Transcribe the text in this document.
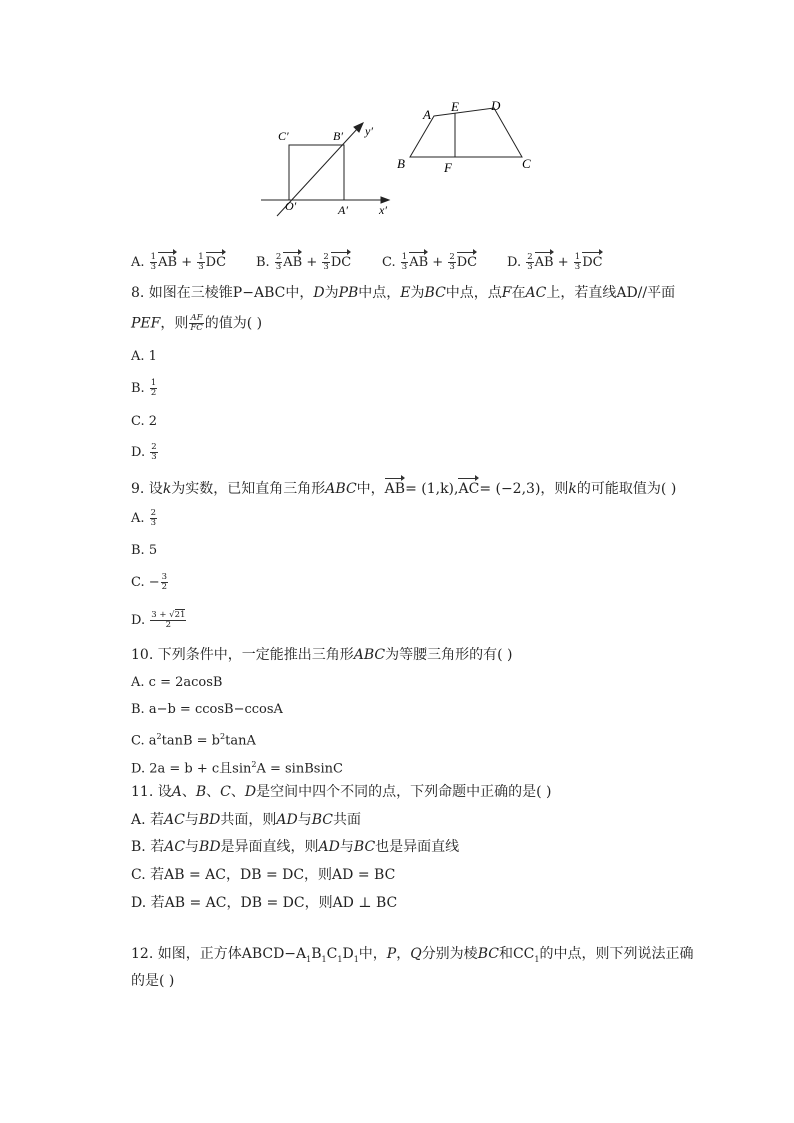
C′	B′ y′
O′	A′	x′
A
E D
B	F	C
A. $\frac{1}{3}$ AB + $\frac{1}{3}$ DC B. $\frac{2}{3}$ AB + $\frac{2}{3}$ DC C. $\frac{1}{3}$ AB + $\frac{2}{3}$ DC D. $\frac{2}{3}$ AB + $\frac{1}{3}$ DC
8. 如图在三棱锥P−ABC中，D为PB中点，E为BC中点，点F在AC上，若直线AD//平面
PEF，则 $\frac{AF}{FC}$ 的值为( )
A. 1
B. $\frac{1}{2}$
C. 2
D. $\frac{2}{3}$
9. 设k为实数，已知直角三角形ABC中，AB= (1,k),AC= (−2,3)，则k的可能取值为( )
A. $\frac{2}{3}$
B. 5
C. − $\frac{3}{2}$
D. $\frac{3 + √21}{2}$
10. 下列条件中，一定能推出三角形ABC为等腰三角形的有( )
A. c = 2acosB
B. a−b = ccosB−ccosA
C. $a^2\tan B = b^2\tan A$
D. 2a = b + c且$\sin^2A$ = sinBsinC
11. 设A、B、C、D是空间中四个不同的点，下列命题中正确的是( )
A. 若AC与BD共面，则AD与BC共面
B. 若AC与BD是异面直线，则AD与BC也是异面直线
C. 若AB = AC，DB = DC，则AD = BC
D. 若AB = AC，DB = DC，则AD ⊥ BC
12. 如图，正方体$ABCD-A_1B_1C_1D_1$中，P，Q分别为棱BC和$CC_1$的中点，则下列说法正确
的是( )
